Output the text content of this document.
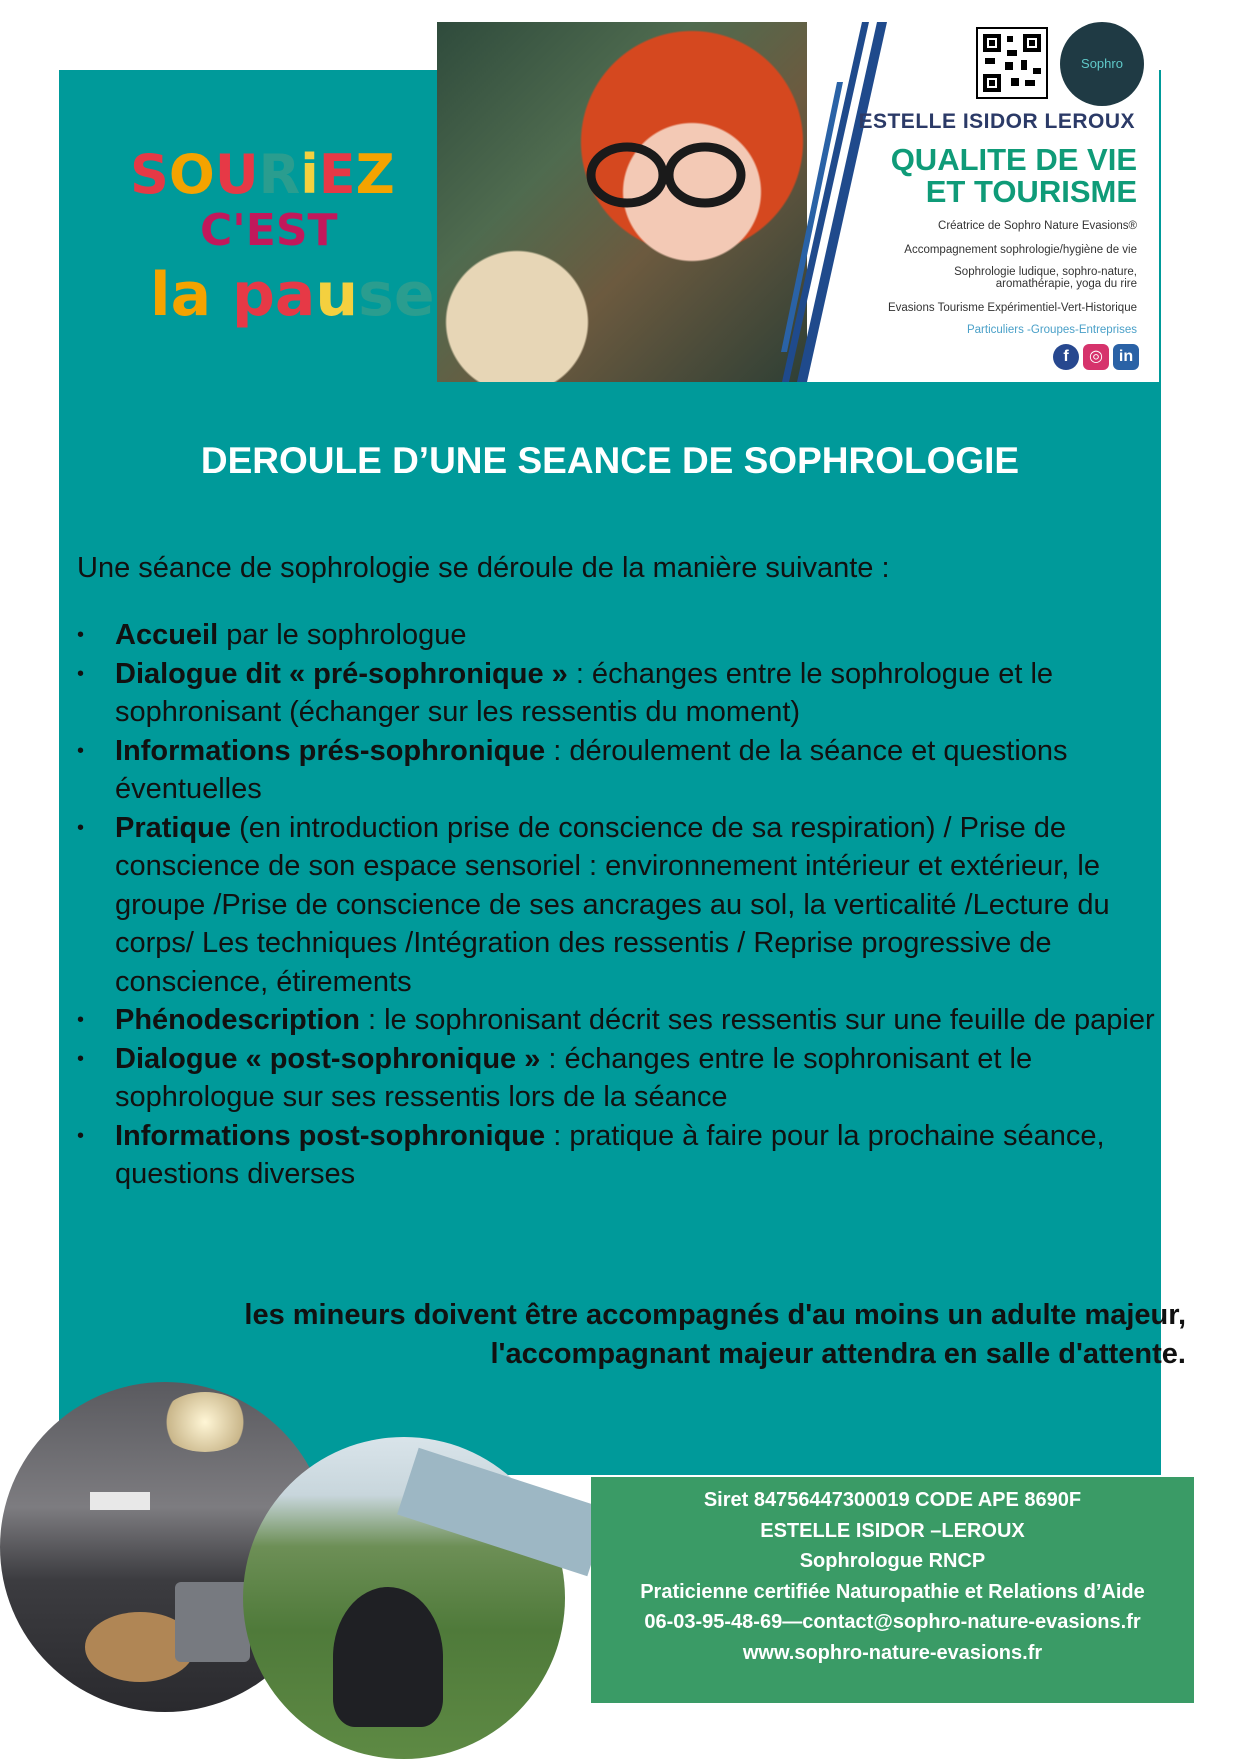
SOURiEZ
C'EST
la pause
Sophro
ESTELLE ISIDOR LEROUX
QUALITE DE VIE
ET TOURISME
Créatrice de Sophro Nature Evasions®
Accompagnement sophrologie/hygiène de vie
Sophrologie ludique, sophro-nature,
aromathérapie, yoga du rire
Evasions Tourisme Expérimentiel-Vert-Historique
Particuliers -Groupes-Entreprises
f	◎ in
DEROULE D’UNE SEANCE DE SOPHROLOGIE
Une séance de sophrologie se déroule de la manière suivante :
• Accueil par le sophrologue
• Dialogue dit « pré-sophronique » : échanges entre le sophrologue et le sophronisant (échanger sur les ressentis du moment)
• Informations prés-sophronique : déroulement de la séance et questions éventuelles
• Pratique (en introduction prise de conscience de sa respiration) / Prise de conscience de son espace sensoriel : environnement intérieur et extérieur, le groupe /Prise de conscience de ses ancrages au sol, la verticalité /Lecture du corps/ Les techniques /Intégration des ressentis / Reprise progressive de conscience, étirements
• Phénodescription : le sophronisant décrit ses ressentis sur une feuille de papier
• Dialogue « post-sophronique » : échanges entre le sophronisant et le sophrologue sur ses ressentis lors de la séance
• Informations post-sophronique : pratique à faire pour la prochaine séance, questions diverses
les mineurs doivent être accompagnés d'au moins un adulte majeur,
l'accompagnant majeur attendra en salle d'attente.
Siret 84756447300019 CODE APE 8690F
ESTELLE ISIDOR –LEROUX
Sophrologue RNCP
Praticienne certifiée Naturopathie et Relations d’Aide
06-03-95-48-69—contact@sophro-nature-evasions.fr
www.sophro-nature-evasions.fr
